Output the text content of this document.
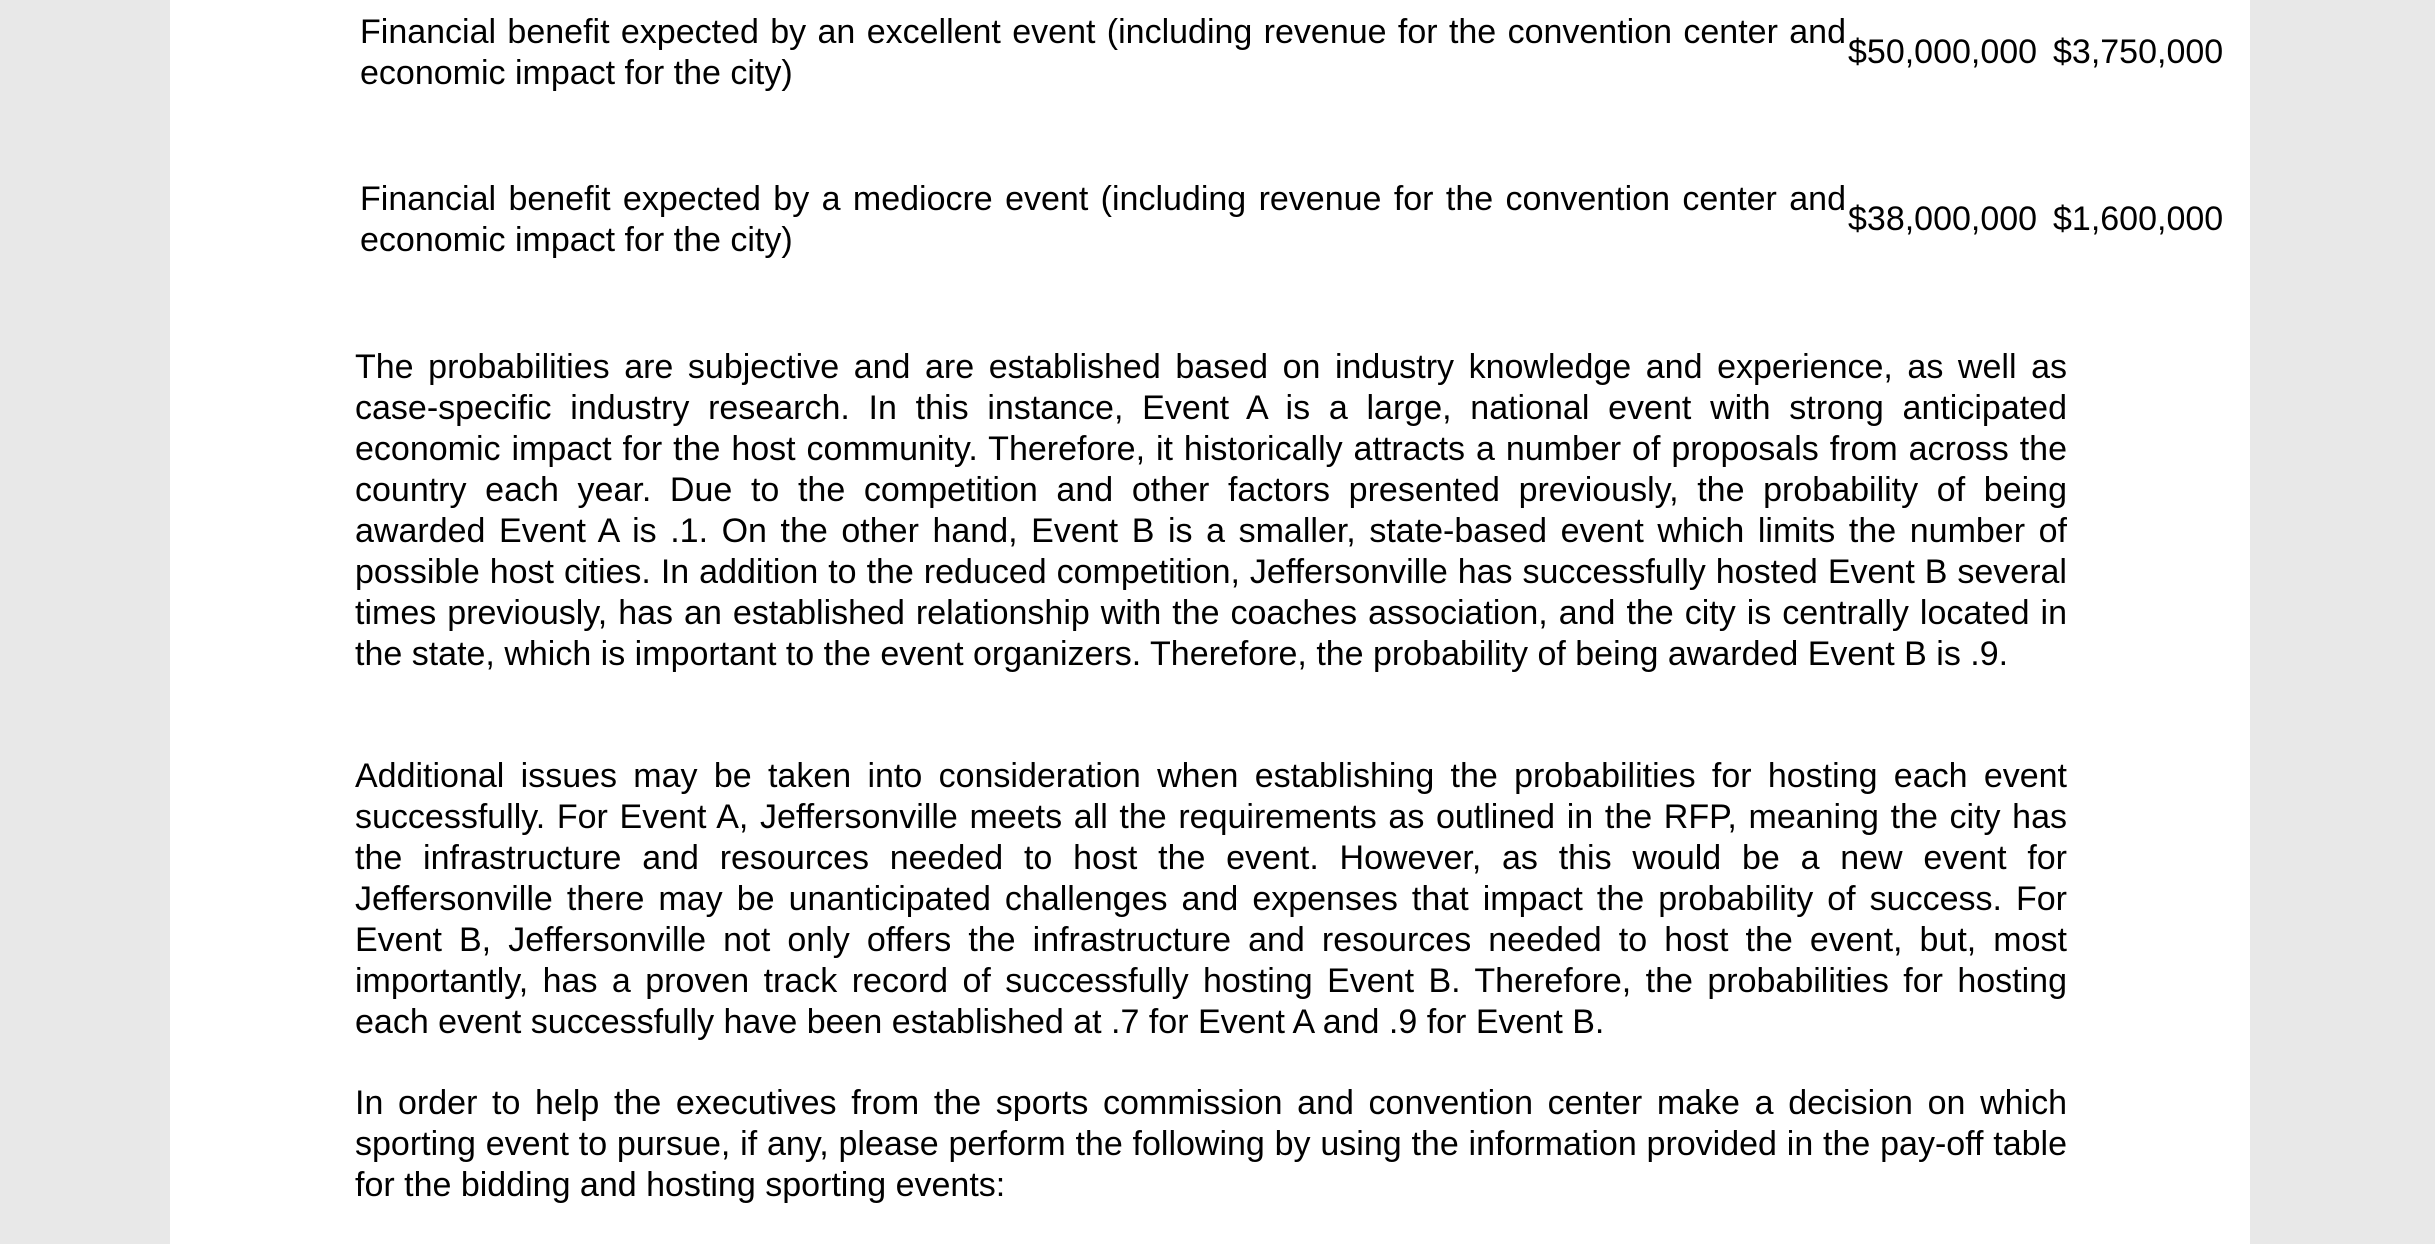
Financial benefit expected by an excellent event (including revenue for the convention center and economic impact for the city)
$50,000,000 $3,750,000
Financial benefit expected by a mediocre event (including revenue for the convention center and economic impact for the city)
$38,000,000 $1,600,000

The probabilities are subjective and are established based on industry knowledge and experience, as well as case-specific industry research. In this instance, Event A is a large, national event with strong anticipated economic impact for the host community. Therefore, it historically attracts a number of proposals from across the country each year. Due to the competition and other factors presented previously, the probability of being awarded Event A is .1. On the other hand, Event B is a smaller, state-based event which limits the number of possible host cities. In addition to the reduced competition, Jeffersonville has successfully hosted Event B several times previously, has an established relationship with the coaches association, and the city is centrally located in the state, which is important to the event organizers. Therefore, the probability of being awarded Event B is .9.

Additional issues may be taken into consideration when establishing the probabilities for hosting each event successfully. For Event A, Jeffersonville meets all the requirements as outlined in the RFP, meaning the city has the infrastructure and resources needed to host the event. However, as this would be a new event for Jeffersonville there may be unanticipated challenges and expenses that impact the probability of success. For Event B, Jeffersonville not only offers the infrastructure and resources needed to host the event, but, most importantly, has a proven track record of successfully hosting Event B. Therefore, the probabilities for hosting each event successfully have been established at .7 for Event A and .9 for Event B.

In order to help the executives from the sports commission and convention center make a decision on which sporting event to pursue, if any, please perform the following by using the information provided in the pay-off table for the bidding and hosting sporting events:
